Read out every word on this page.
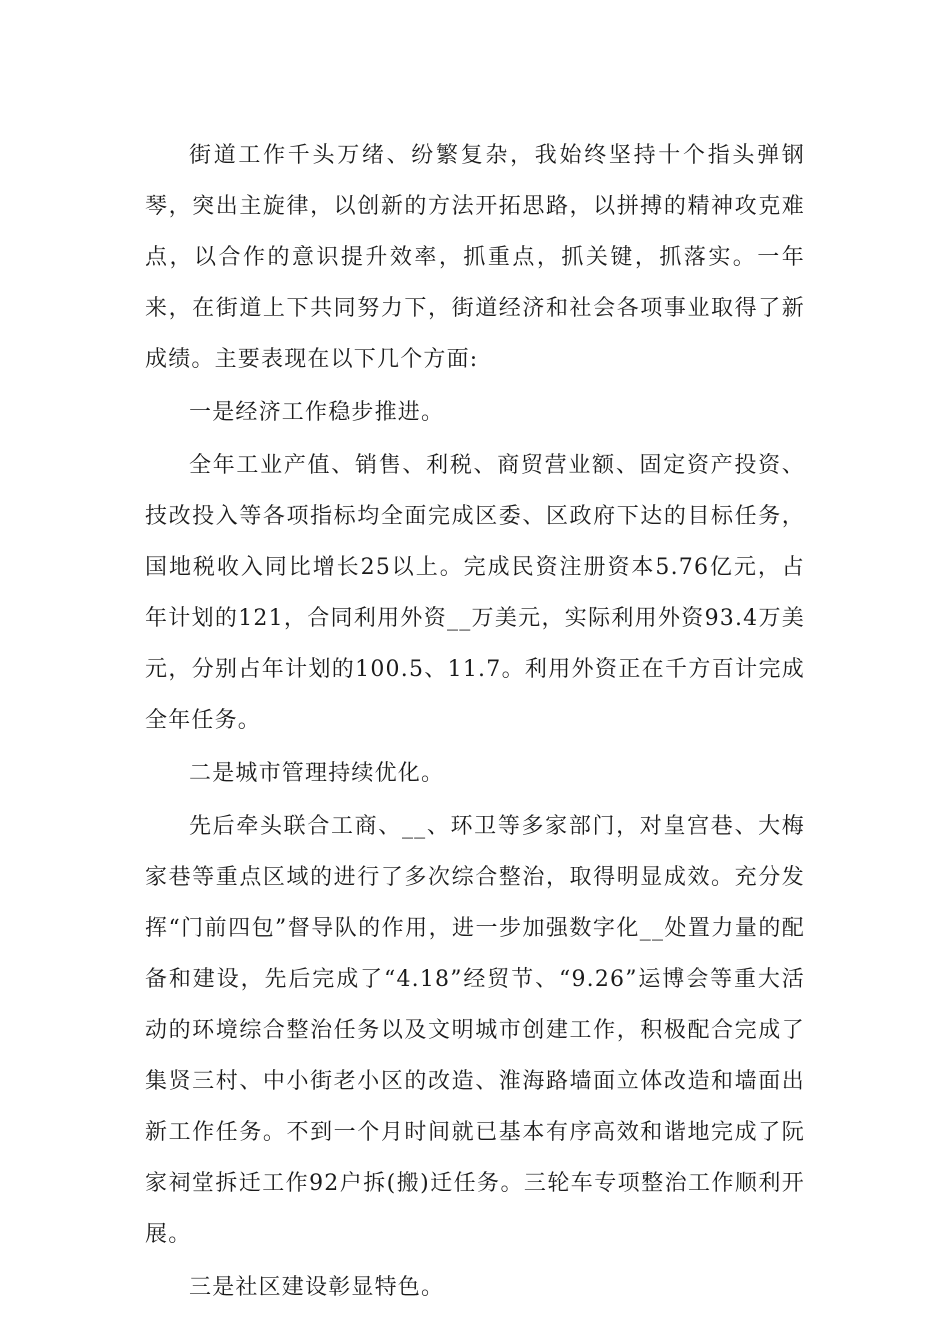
街道工作千头万绪、纷繁复杂，我始终坚持十个指头弹钢琴，突出主旋律，以创新的方法开拓思路，以拼搏的精神攻克难点，以合作的意识提升效率，抓重点，抓关键，抓落实。一年来，在街道上下共同努力下，街道经济和社会各项事业取得了新成绩。主要表现在以下几个方面:

一是经济工作稳步推进。

全年工业产值、销售、利税、商贸营业额、固定资产投资、技改投入等各项指标均全面完成区委、区政府下达的目标任务，国地税收入同比增长25以上。完成民资注册资本5.76亿元，占年计划的121，合同利用外资__万美元，实际利用外资93.4万美元，分别占年计划的100.5、11.7。利用外资正在千方百计完成全年任务。

二是城市管理持续优化。

先后牵头联合工商、__、环卫等多家部门，对皇宫巷、大梅家巷等重点区域的进行了多次综合整治，取得明显成效。充分发挥“门前四包”督导队的作用，进一步加强数字化__处置力量的配备和建设，先后完成了“4.18”经贸节、“9.26”运博会等重大活动的环境综合整治任务以及文明城市创建工作，积极配合完成了集贤三村、中小街老小区的改造、淮海路墙面立体改造和墙面出新工作任务。不到一个月时间就已基本有序高效和谐地完成了阮家祠堂拆迁工作92户拆(搬)迁任务。三轮车专项整治工作顺利开展。

三是社区建设彰显特色。
